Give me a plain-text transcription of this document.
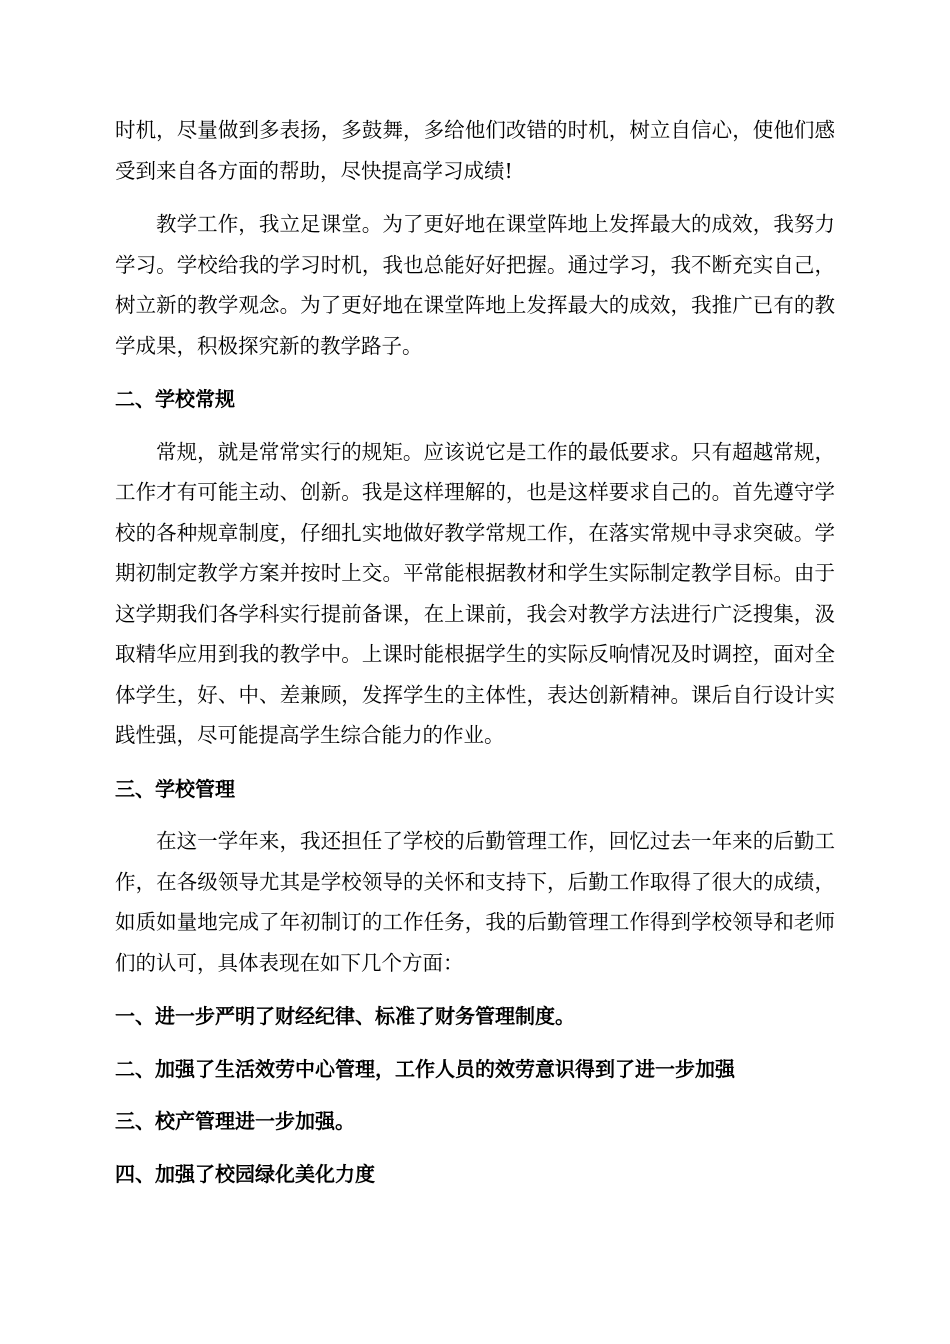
时机，尽量做到多表扬，多鼓舞，多给他们改错的时机，树立自信心，使他们感受到来自各方面的帮助，尽快提高学习成绩!

教学工作，我立足课堂。为了更好地在课堂阵地上发挥最大的成效，我努力学习。学校给我的学习时机，我也总能好好把握。通过学习，我不断充实自己，树立新的教学观念。为了更好地在课堂阵地上发挥最大的成效，我推广已有的教学成果，积极探究新的教学路子。

二、学校常规

常规，就是常常实行的规矩。应该说它是工作的最低要求。只有超越常规，工作才有可能主动、创新。我是这样理解的，也是这样要求自己的。首先遵守学校的各种规章制度，仔细扎实地做好教学常规工作，在落实常规中寻求突破。学期初制定教学方案并按时上交。平常能根据教材和学生实际制定教学目标。由于这学期我们各学科实行提前备课，在上课前，我会对教学方法进行广泛搜集，汲取精华应用到我的教学中。上课时能根据学生的实际反响情况及时调控，面对全体学生，好、中、差兼顾，发挥学生的主体性，表达创新精神。课后自行设计实践性强，尽可能提高学生综合能力的作业。

三、学校管理

在这一学年来，我还担任了学校的后勤管理工作，回忆过去一年来的后勤工作，在各级领导尤其是学校领导的关怀和支持下，后勤工作取得了很大的成绩，如质如量地完成了年初制订的工作任务，我的后勤管理工作得到学校领导和老师们的认可，具体表现在如下几个方面：

一、进一步严明了财经纪律、标准了财务管理制度。
二、加强了生活效劳中心管理，工作人员的效劳意识得到了进一步加强
三、校产管理进一步加强。
四、加强了校园绿化美化力度
